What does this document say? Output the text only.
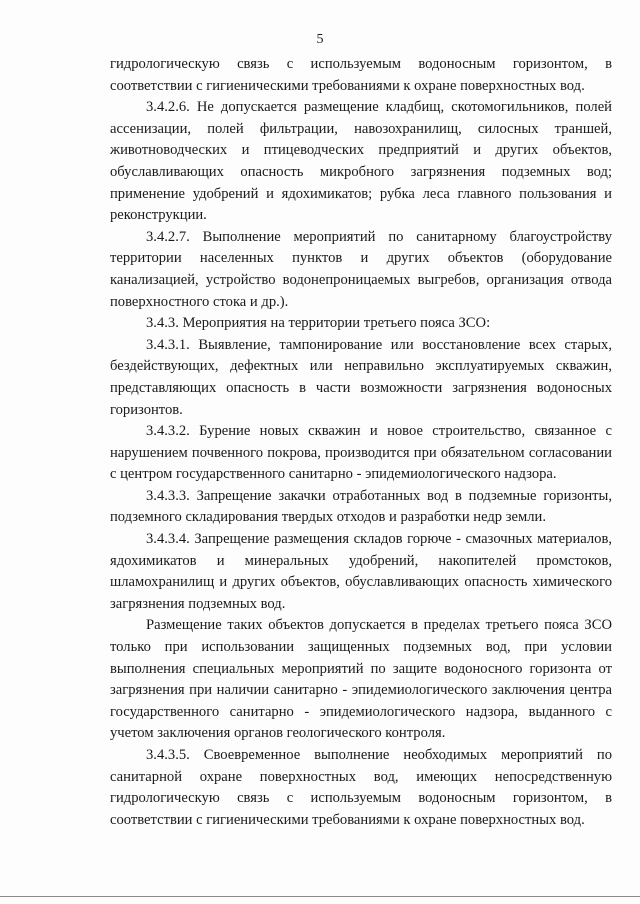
5

гидрологическую связь с используемым водоносным горизонтом, в соответствии с гигиеническими требованиями к охране поверхностных вод.

3.4.2.6. Не допускается размещение кладбищ, скотомогильников, полей ассенизации, полей фильтрации, навозохранилищ, силосных траншей, животноводческих и птицеводческих предприятий и других объектов, обуславливающих опасность микробного загрязнения подземных вод; применение удобрений и ядохимикатов; рубка леса главного пользования и реконструкции.

3.4.2.7. Выполнение мероприятий по санитарному благоустройству территории населенных пунктов и других объектов (оборудование канализацией, устройство водонепроницаемых выгребов, организация отвода поверхностного стока и др.).

3.4.3. Мероприятия на территории третьего пояса ЗСО:

3.4.3.1. Выявление, тампонирование или восстановление всех старых, бездействующих, дефектных или неправильно эксплуатируемых скважин, представляющих опасность в части возможности загрязнения водоносных горизонтов.

3.4.3.2. Бурение новых скважин и новое строительство, связанное с нарушением почвенного покрова, производится при обязательном согласовании с центром государственного санитарно - эпидемиологического надзора.

3.4.3.3. Запрещение закачки отработанных вод в подземные горизонты, подземного складирования твердых отходов и разработки недр земли.

3.4.3.4. Запрещение размещения складов горюче - смазочных материалов, ядохимикатов и минеральных удобрений, накопителей промстоков, шламохранилищ и других объектов, обуславливающих опасность химического загрязнения подземных вод.

Размещение таких объектов допускается в пределах третьего пояса ЗСО только при использовании защищенных подземных вод, при условии выполнения специальных мероприятий по защите водоносного горизонта от загрязнения при наличии санитарно - эпидемиологического заключения центра государственного санитарно - эпидемиологического надзора, выданного с учетом заключения органов геологического контроля.

3.4.3.5. Своевременное выполнение необходимых мероприятий по санитарной охране поверхностных вод, имеющих непосредственную гидрологическую связь с используемым водоносным горизонтом, в соответствии с гигиеническими требованиями к охране поверхностных вод.
